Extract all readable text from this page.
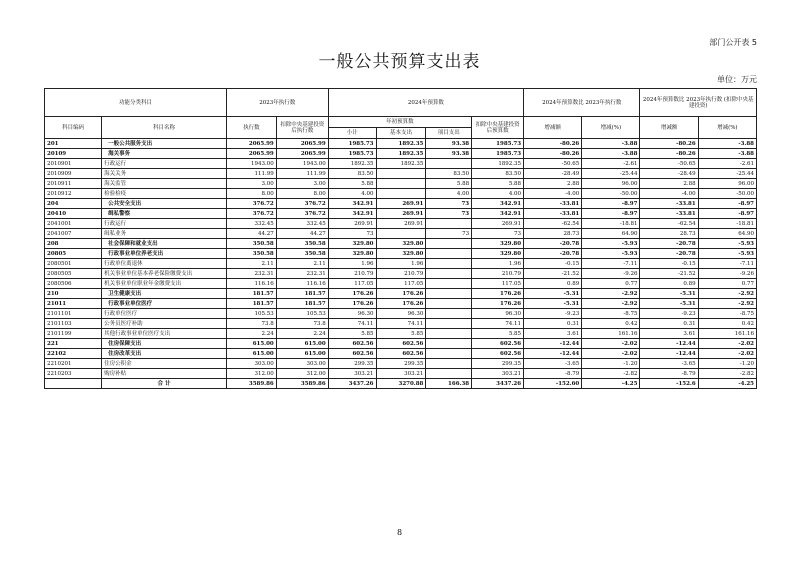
部门公开表 5
一般公共预算支出表
单位：万元
功能分类科目		2023年执行数		2024年预算数				2024年预算数比 2023年执行数		2024年预算数比 2023年执行数 (扣除中央基建投资)	
科目编码	科目名称	执行数	扣除中央基建投资后执行数	年初预算数			扣除中央基建投资后预算数	增减额	增减(%)	增减额	增减(%)
				小计	基本支出	项目支出					
201	一般公共服务支出	2065.99	2065.99	1985.73	1892.35	93.38	1985.73	-80.26	-3.88	-80.26	-3.88
20109	海关事务	2065.99	2065.99	1985.73	1892.35	93.38	1985.73	-80.26	-3.88	-80.26	-3.88
2010901	行政运行	1943.00	1943.00	1892.35	1892.35		1892.35	-50.65	-2.61	-50.65	-2.61
2010909	海关关务	111.99	111.99	83.50		83.50	83.50	-28.49	-25.44	-28.49	-25.44
2010911	海关监管	3.00	3.00	5.88		5.88	5.88	2.88	96.00	2.88	96.00
2010912	检验检疫	8.00	8.00	4.00		4.00	4.00	-4.00	-50.00	-4.00	-50.00
204	公共安全支出	376.72	376.72	342.91	269.91	73	342.91	-33.81	-8.97	-33.81	-8.97
20410	缉私警察	376.72	376.72	342.91	269.91	73	342.91	-33.81	-8.97	-33.81	-8.97
2041001	行政运行	332.45	332.45	269.91	269.91		269.91	-62.54	-18.81	-62.54	-18.81
2041007	缉私业务	44.27	44.27	73		73	73	28.73	64.90	28.73	64.90
208	社会保障和就业支出	350.58	350.58	329.80	329.80		329.80	-20.78	-5.93	-20.78	-5.93
20805	行政事业单位养老支出	350.58	350.58	329.80	329.80		329.80	-20.78	-5.93	-20.78	-5.93
2080501	行政单位离退休	2.11	2.11	1.96	1.96		1.96	-0.15	-7.11	-0.15	-7.11
2080505	机关事业单位基本养老保险缴费支出	232.31	232.31	210.79	210.79		210.79	-21.52	-9.26	-21.52	-9.26
2080506	机关事业单位职业年金缴费支出	116.16	116.16	117.05	117.05		117.05	0.89	0.77	0.89	0.77
210	卫生健康支出	181.57	181.57	176.26	176.26		176.26	-5.31	-2.92	-5.31	-2.92
21011	行政事业单位医疗	181.57	181.57	176.26	176.26		176.26	-5.31	-2.92	-5.31	-2.92
2101101	行政单位医疗	105.53	105.53	96.30	96.30		96.30	-9.23	-8.75	-9.23	-8.75
2101103	公务员医疗补助	73.8	73.8	74.11	74.11		74.11	0.31	0.42	0.31	0.42
2101199	其他行政事业单位医疗支出	2.24	2.24	5.85	5.85		5.85	3.61	161.16	3.61	161.16
221	住房保障支出	615.00	615.00	602.56	602.56		602.56	-12.44	-2.02	-12.44	-2.02
22102	住房改革支出	615.00	615.00	602.56	602.56		602.56	-12.44	-2.02	-12.44	-2.02
2210201	住房公积金	303.00	303.00	299.35	299.35		299.35	-3.65	-1.20	-3.65	-1.20
2210203	购房补贴	312.00	312.00	303.21	303.21		303.21	-8.79	-2.82	-8.79	-2.82
	合 计	3589.86	3589.86	3437.26	3270.88	166.38	3437.26	-152.60	-4.25	-152.6	-4.25
8
